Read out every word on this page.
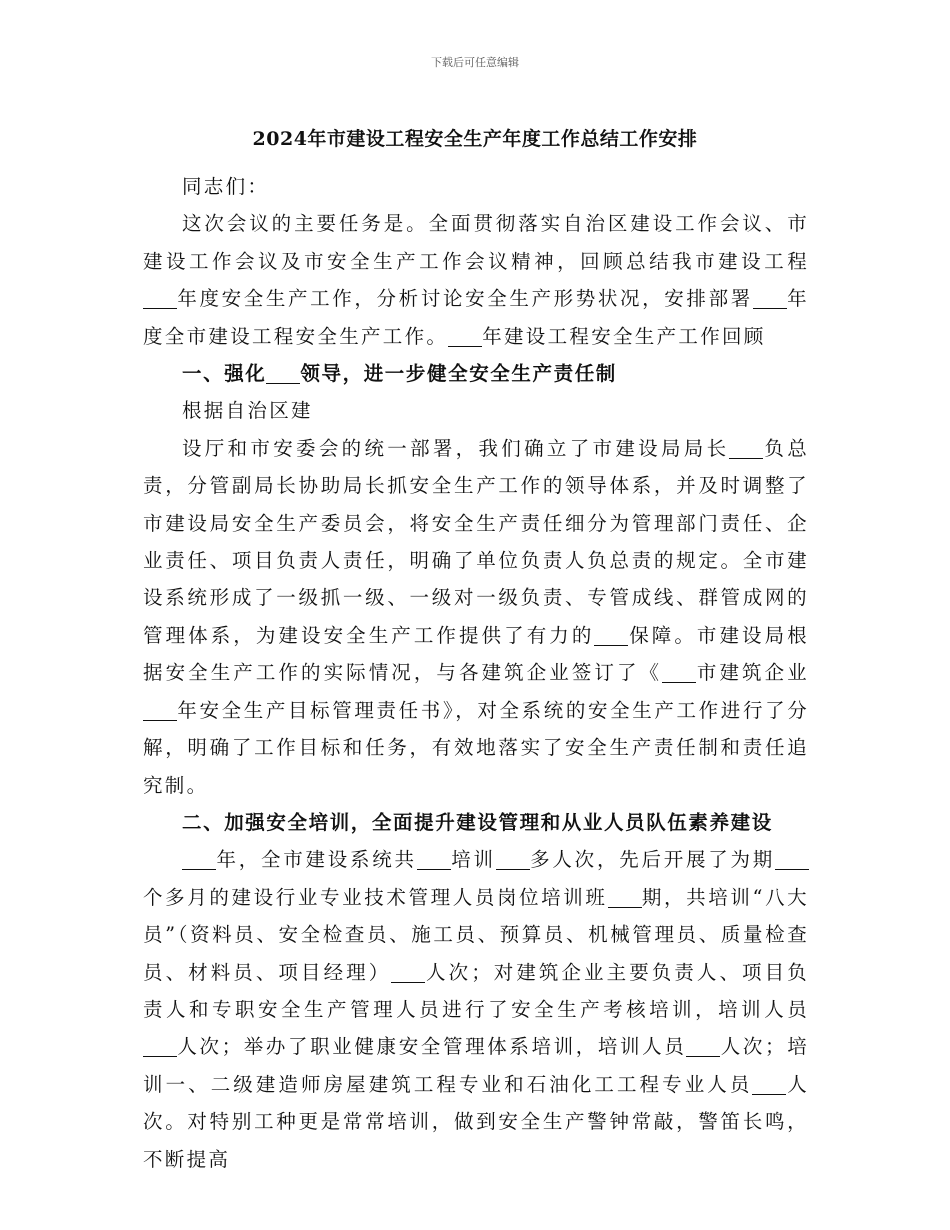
下载后可任意编辑
2024年市建设工程安全生产年度工作总结工作安排

同志们：

这次会议的主要任务是。全面贯彻落实自治区建设工作会议、市建设工作会议及市安全生产工作会议精神，回顾总结我市建设工程年度安全生产工作，分析讨论安全生产形势状况，安排部署 年度全市建设工程安全生产工作。 年建设工程安全生产工作回顾

一、强化 领导，进一步健全安全生产责任制

根据自治区建

设厅和市安委会的统一部署，我们确立了市建设局局长 负总责，分管副局长协助局长抓安全生产工作的领导体系，并及时调整了市建设局安全生产委员会，将安全生产责任细分为管理部门责任、企业责任、项目负责人责任，明确了单位负责人负总责的规定。全市建设系统形成了一级抓一级、一级对一级负责、专管成线、群管成网的管理体系，为建设安全生产工作提供了有力的 保障。市建设局根据安全生产工作的实际情况，与各建筑企业签订了《 市建筑企业年安全生产目标管理责任书》，对全系统的安全生产工作进行了分解，明确了工作目标和任务，有效地落实了安全生产责任制和责任追究制。

二、加强安全培训，全面提升建设管理和从业人员队伍素养建设

年，全市建设系统共 培训 多人次，先后开展了为期个多月的建设行业专业技术管理人员岗位培训班 期，共培训“八大员”（资料员、安全检查员、施工员、预算员、机械管理员、质量检查员、材料员、项目经理） 人次；对建筑企业主要负责人、项目负责人和专职安全生产管理人员进行了安全生产考核培训，培训人员人次；举办了职业健康安全管理体系培训，培训人员 人次；培训一、二级建造师房屋建筑工程专业和石油化工工程专业人员 人次。对特别工种更是常常培训，做到安全生产警钟常敲，警笛长鸣，不断提高
